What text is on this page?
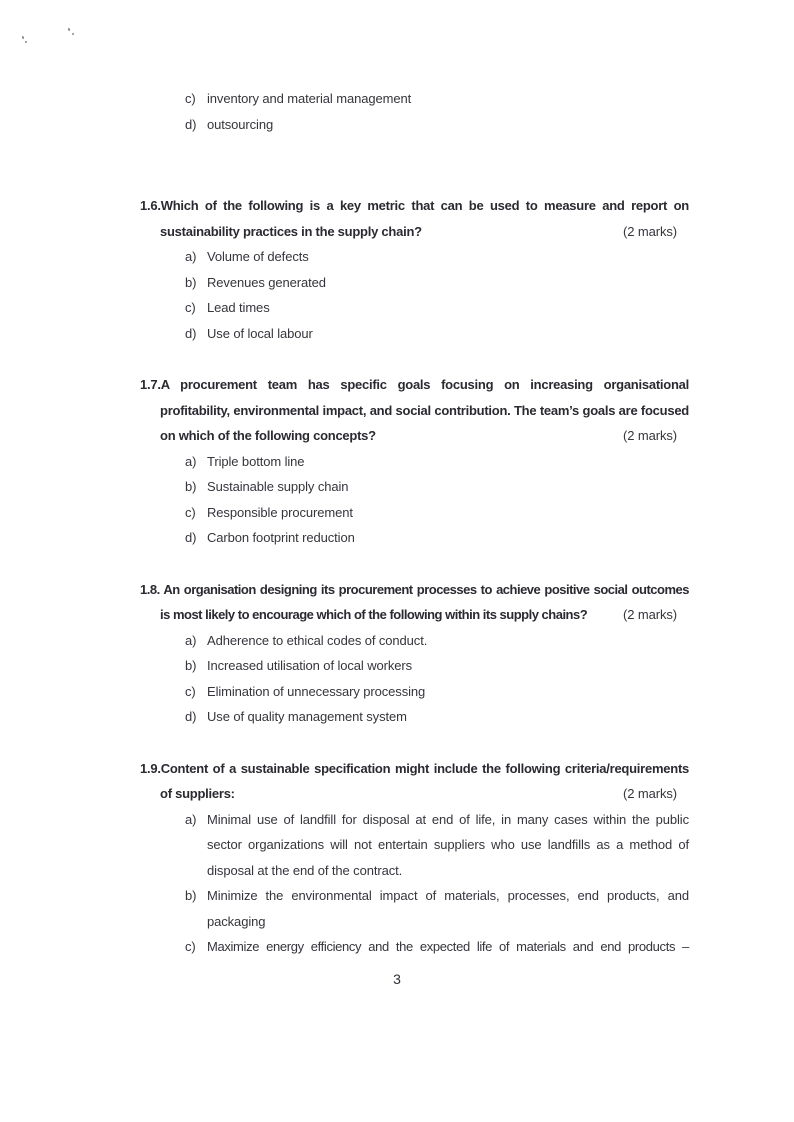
c) inventory and material management
d) outsourcing
1.6.Which of the following is a key metric that can be used to measure and report on sustainability practices in the supply chain?	(2 marks)
a) Volume of defects
b) Revenues generated
c) Lead times
d) Use of local labour
1.7.A procurement team has specific goals focusing on increasing organisational profitability, environmental impact, and social contribution. The team’s goals are focused on which of the following concepts?	(2 marks)
a) Triple bottom line
b) Sustainable supply chain
c) Responsible procurement
d) Carbon footprint reduction
1.8. An organisation designing its procurement processes to achieve positive social outcomes is most likely to encourage which of the following within its supply chains?	(2 marks)
a) Adherence to ethical codes of conduct.
b) Increased utilisation of local workers
c) Elimination of unnecessary processing
d) Use of quality management system
1.9.Content of a sustainable specification might include the following criteria/requirements of suppliers:	(2 marks)
a) Minimal use of landfill for disposal at end of life, in many cases within the public sector organizations will not entertain suppliers who use landfills as a method of disposal at the end of the contract.
b) Minimize the environmental impact of materials, processes, end products, and packaging
c) Maximize energy efficiency and the expected life of materials and end products –
3
